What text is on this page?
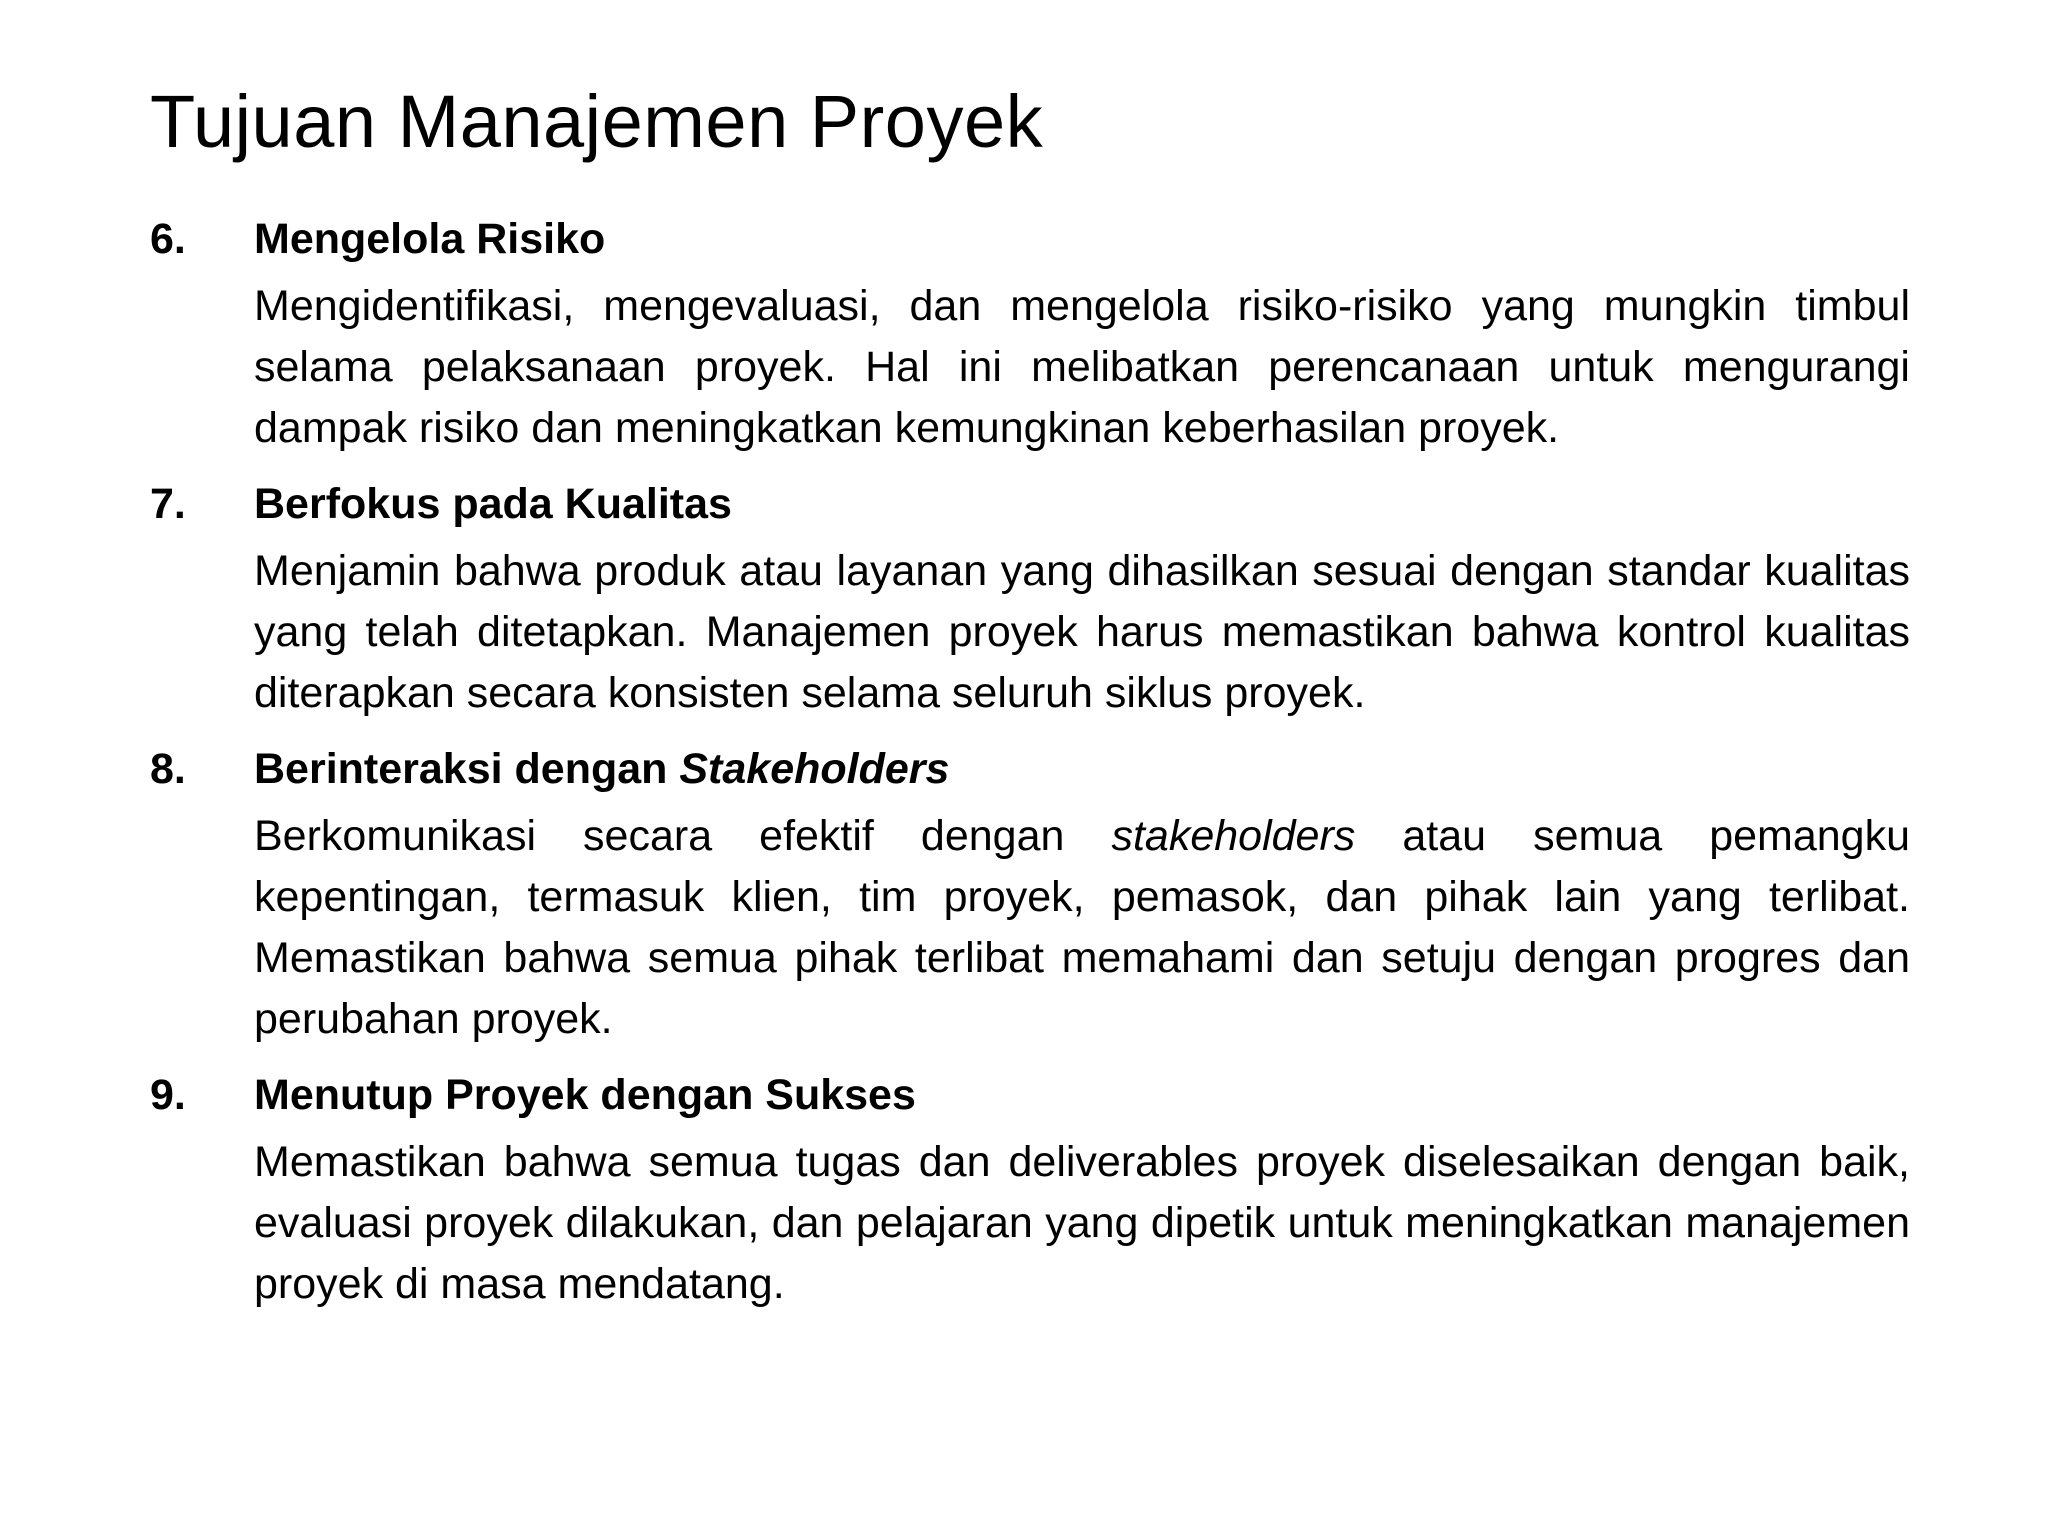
Tujuan Manajemen Proyek
6.	Mengelola Risiko

Mengidentifikasi, mengevaluasi, dan mengelola risiko-risiko yang mungkin timbul selama pelaksanaan proyek. Hal ini melibatkan perencanaan untuk mengurangi dampak risiko dan meningkatkan kemungkinan keberhasilan proyek.

7.	Berfokus pada Kualitas

Menjamin bahwa produk atau layanan yang dihasilkan sesuai dengan standar kualitas yang telah ditetapkan. Manajemen proyek harus memastikan bahwa kontrol kualitas diterapkan secara konsisten selama seluruh siklus proyek.

8.	Berinteraksi dengan Stakeholders

Berkomunikasi secara efektif dengan stakeholders atau semua pemangku kepentingan, termasuk klien, tim proyek, pemasok, dan pihak lain yang terlibat. Memastikan bahwa semua pihak terlibat memahami dan setuju dengan progres dan perubahan proyek.

9.	Menutup Proyek dengan Sukses

Memastikan bahwa semua tugas dan deliverables proyek diselesaikan dengan baik, evaluasi proyek dilakukan, dan pelajaran yang dipetik untuk meningkatkan manajemen proyek di masa mendatang.
